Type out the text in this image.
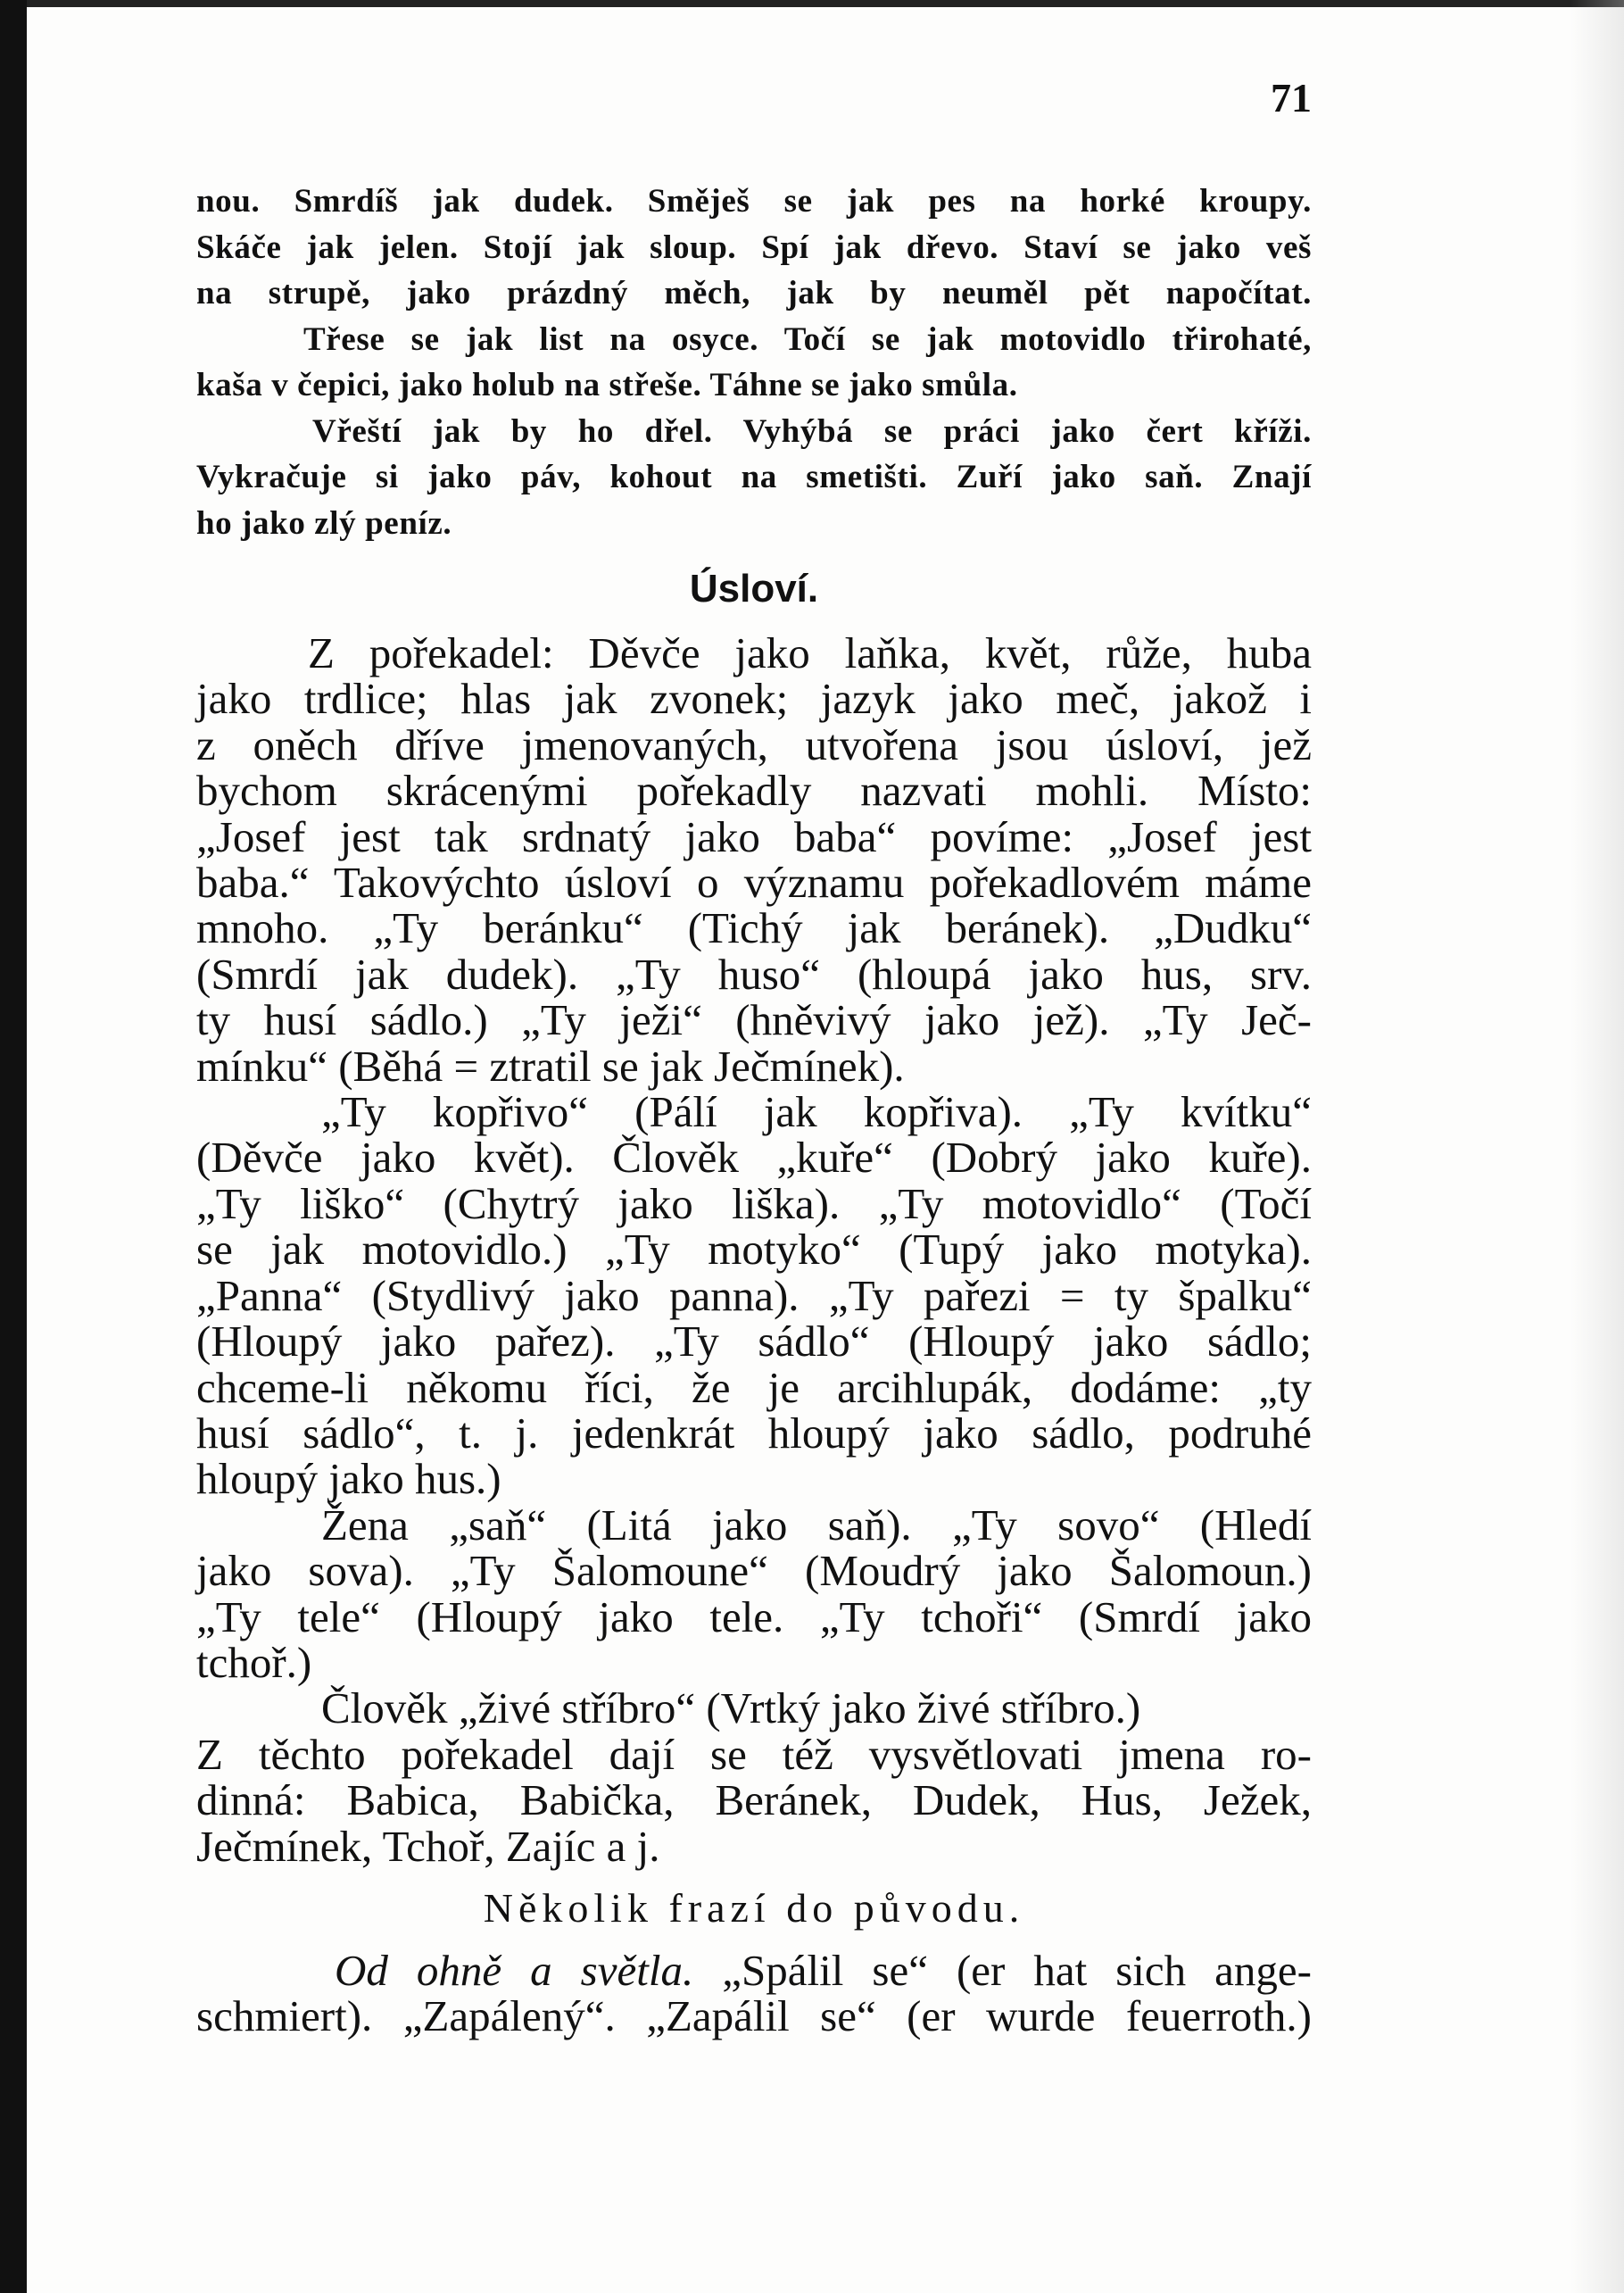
71
nou. Smrdíš jak dudek. Směješ se jak pes na horké kroupy.
Skáče jak jelen. Stojí jak sloup. Spí jak dřevo. Staví se jako veš
na strupě, jako prázdný měch, jak by neuměl pět napočítat.
Třese se jak list na osyce. Točí se jak motovidlo třirohaté,
kaša v čepici, jako holub na střeše. Táhne se jako smůla.
Vřeští jak by ho dřel. Vyhýbá se práci jako čert kříži.
Vykračuje si jako páv, kohout na smetišti. Zuří jako saň. Znají
ho jako zlý peníz.
Úsloví.
Z pořekadel: Děvče jako laňka, květ, růže, huba
jako trdlice; hlas jak zvonek; jazyk jako meč, jakož i
z oněch dříve jmenovaných, utvořena jsou úsloví, jež
bychom skrácenými pořekadly nazvati mohli. Místo:
„Josef jest tak srdnatý jako baba“ povíme: „Josef jest
baba.“ Takovýchto úsloví o významu pořekadlovém máme
mnoho. „Ty beránku“ (Tichý jak beránek). „Dudku“
(Smrdí jak dudek). „Ty huso“ (hloupá jako hus, srv.
ty husí sádlo.) „Ty ježi“ (hněvivý jako jež). „Ty Ječ-
mínku“ (Běhá = ztratil se jak Ječmínek).
„Ty kopřivo“ (Pálí jak kopřiva). „Ty kvítku“
(Děvče jako květ). Člověk „kuře“ (Dobrý jako kuře).
„Ty liško“ (Chytrý jako liška). „Ty motovidlo“ (Točí
se jak motovidlo.) „Ty motyko“ (Tupý jako motyka).
„Panna“ (Stydlivý jako panna). „Ty pařezi = ty špalku“
(Hloupý jako pařez). „Ty sádlo“ (Hloupý jako sádlo;
chceme-li někomu říci, že je arcihlupák, dodáme: „ty
husí sádlo“, t. j. jedenkrát hloupý jako sádlo, podruhé
hloupý jako hus.)
Žena „saň“ (Litá jako saň). „Ty sovo“ (Hledí
jako sova). „Ty Šalomoune“ (Moudrý jako Šalomoun.)
„Ty tele“ (Hloupý jako tele. „Ty tchoři“ (Smrdí jako
tchoř.)
Člověk „živé stříbro“ (Vrtký jako živé stříbro.)
Z těchto pořekadel dají se též vysvětlovati jmena ro-
dinná: Babica, Babička, Beránek, Dudek, Hus, Ježek,
Ječmínek, Tchoř, Zajíc a j.
Několik frazí do původu.
Od ohně a světla. „Spálil se“ (er hat sich ange-
schmiert). „Zapálený“. „Zapálil se“ (er wurde feuerroth.)
